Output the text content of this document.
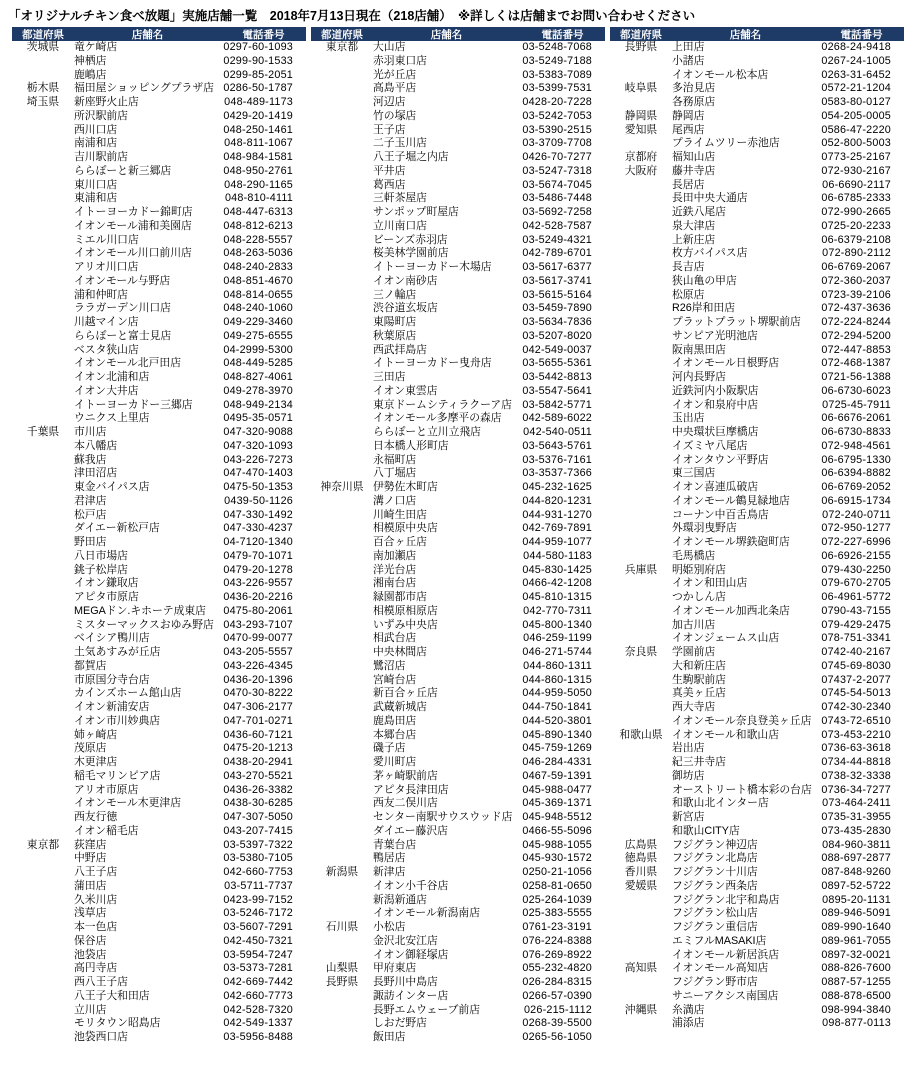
「オリジナルチキン食べ放題」実施店舗一覧　2018年7月13日現在（218店舗）　※詳しくは店舗までお問い合わせください
都道府県	店舗名	電話番号
茨城県	竜ケ崎店	0297-60-1093
神栖店	0299-90-1533
鹿嶋店	0299-85-2051
栃木県	福田屋ショッピングプラザ店 0286-50-1787
埼玉県	新座野火止店	048-489-1173
所沢駅前店	0429-20-1419
西川口店	048-250-1461
南浦和店	048-811-1067
吉川駅前店	048-984-1581
ららぽーと新三郷店	048-950-2761
東川口店	048-290-1165
東浦和店	048-810-4111
イトーヨーカドー錦町店	048-447-6313
イオンモール浦和美園店	048-812-6213
ミエル川口店	048-228-5557
イオンモール川口前川店	048-263-5036
アリオ川口店	048-240-2833
イオンモール与野店	048-851-4670
浦和仲町店	048-814-0655
ララガーデン川口店	048-240-1060
川越マイン店	049-229-3460
ららぽーと富士見店	049-275-6555
ベスタ狭山店	04-2999-5300
イオンモール北戸田店	048-449-5285
イオン北浦和店	048-827-4061
イオン大井店	049-278-3970
イトーヨーカドー三郷店	048-949-2134
ウニクス上里店	0495-35-0571
千葉県	市川店	047-320-9088
本八幡店	047-320-1093
蘇我店	043-226-7273
津田沼店	047-470-1403
東金バイパス店	0475-50-1353
君津店	0439-50-1126
松戸店	047-330-1492
ダイエー新松戸店	047-330-4237
野田店	04-7120-1340
八日市場店	0479-70-1071
銚子松岸店	0479-20-1278
イオン鎌取店	043-226-9557
アピタ市原店	0436-20-2216
MEGAドン.キホーテ成東店	0475-80-2061
ミスターマックスおゆみ野店 043-293-7107
ベイシア鴨川店	0470-99-0077
土気あすみが丘店	043-205-5557
都賀店	043-226-4345
市原国分寺台店	0436-20-1396
カインズホーム館山店	0470-30-8222
イオン新浦安店	047-306-2177
イオン市川妙典店	047-701-0271
姉ヶ崎店	0436-60-7121
茂原店	0475-20-1213
木更津店	0438-20-2941
稲毛マリンピア店	043-270-5521
アリオ市原店	0436-26-3382
イオンモール木更津店	0438-30-6285
西友行徳	047-307-5050
イオン稲毛店	043-207-7415
東京都	荻窪店	03-5397-7322
中野店	03-5380-7105
八王子店	042-660-7753
蒲田店	03-5711-7737
久米川店	0423-99-7152
浅草店	03-5246-7172
本一色店	03-5607-7291
保谷店	042-450-7321
池袋店	03-5954-7247
高円寺店	03-5373-7281
西八王子店	042-669-7442
八王子大和田店	042-660-7773
立川店	042-528-7320
モリタウン昭島店	042-549-1337
池袋西口店	03-5956-8488
都道府県	店舗名	電話番号
東京都	大山店	03-5248-7068
赤羽東口店	03-5249-7188
光が丘店	03-5383-7089
高島平店	03-5399-7531
河辺店	0428-20-7228
竹の塚店	03-5242-7053
王子店	03-5390-2515
二子玉川店	03-3709-7708
八王子堀之内店	0426-70-7277
平井店	03-5247-7318
葛西店	03-5674-7045
三軒茶屋店	03-5486-7448
サンポップ町屋店	03-5692-7258
立川南口店	042-528-7587
ビーンズ赤羽店	03-5249-4321
桜美林学園前店	042-789-6701
イトーヨーカドー木場店	03-5617-6377
イオン南砂店	03-5617-3741
三ノ輪店	03-5615-5164
渋谷道玄坂店	03-5459-7890
東陽町店	03-5634-7836
秋葉原店	03-5207-8020
西武拝島店	042-549-0037
イトーヨーカドー曳舟店	03-5655-5361
三田店	03-5442-8813
イオン東雲店	03-5547-5641
東京ドームシティラクーア店 03-5842-5771
イオンモール多摩平の森店	042-589-6022
ららぽーと立川立飛店	042-540-0511
日本橋人形町店	03-5643-5761
永福町店	03-5376-7161
八丁堀店	03-3537-7366
神奈川県 伊勢佐木町店	045-232-1625
溝ノ口店	044-820-1231
川崎生田店	044-931-1270
相模原中央店	042-769-7891
百合ヶ丘店	044-959-1077
南加瀬店	044-580-1183
洋光台店	045-830-1425
湘南台店	0466-42-1208
緑園都市店	045-810-1315
相模原相原店	042-770-7311
いずみ中央店	045-800-1340
相武台店	046-259-1199
中央林間店	046-271-5744
鷺沼店	044-860-1311
宮崎台店	044-860-1315
新百合ヶ丘店	044-959-5050
武蔵新城店	044-750-1841
鹿島田店	044-520-3801
本郷台店	045-890-1340
磯子店	045-759-1269
愛川町店	046-284-4331
茅ヶ崎駅前店	0467-59-1391
アピタ長津田店	045-988-0477
西友二俣川店	045-369-1371
センター南駅サウスウッド店 045-948-5512
ダイエー藤沢店	0466-55-5096
青葉台店	045-988-1055
鴨居店	045-930-1572
新潟県	新津店	0250-21-1056
イオン小千谷店	0258-81-0650
新潟新通店	025-264-1039
イオンモール新潟南店	025-383-5555
石川県	小松店	0761-23-3191
金沢北安江店	076-224-8388
イオン御経塚店	076-269-8922
山梨県	甲府東店	055-232-4820
長野県	長野川中島店	026-284-8315
諏訪インター店	0266-57-0390
長野エムウェーブ前店	026-215-1112
しおだ野店	0268-39-5500
飯田店	0265-56-1050
都道府県	店舗名	電話番号
長野県	上田店	0268-24-9418
小諸店	0267-24-1005
イオンモール松本店	0263-31-6452
岐阜県	多治見店	0572-21-1204
各務原店	0583-80-0127
静岡県	静岡店	054-205-0005
愛知県	尾西店	0586-47-2220
プライムツリー赤池店	052-800-5003
京都府	福知山店	0773-25-2167
大阪府	藤井寺店	072-930-2167
長居店	06-6690-2117
長田中央大通店	06-6785-2333
近鉄八尾店	072-990-2665
泉大津店	0725-20-2233
上新庄店	06-6379-2108
枚方バイパス店	072-890-2112
長吉店	06-6769-2067
狭山亀の甲店	072-360-2037
松原店	0723-39-2106
R26岸和田店	072-437-3636
プラットプラット堺駅前店	072-224-8244
サンピア光明池店	072-294-5200
阪南黒田店	072-447-8853
イオンモール日根野店	072-468-1387
河内長野店	0721-56-1388
近鉄河内小阪駅店	06-6730-6023
イオン和泉府中店	0725-45-7911
玉出店	06-6676-2061
中央環状巨摩橋店	06-6730-8833
イズミヤ八尾店	072-948-4561
イオンタウン平野店	06-6795-1330
東三国店	06-6394-8882
イオン喜連瓜破店	06-6769-2052
イオンモール鶴見緑地店	06-6915-1734
コーナン中百舌鳥店	072-240-0711
外環羽曳野店	072-950-1277
イオンモール堺鉄砲町店	072-227-6996
毛馬橋店	06-6926-2155
兵庫県	明姫別府店	079-430-2250
イオン和田山店	079-670-2705
つかしん店	06-4961-5772
イオンモール加西北条店	0790-43-7155
加古川店	079-429-2475
イオンジェームス山店	078-751-3341
奈良県	学園前店	0742-40-2167
大和新庄店	0745-69-8030
生駒駅前店	07437-2-2077
真美ヶ丘店	0745-54-5013
西大寺店	0742-30-2340
イオンモール奈良登美ヶ丘店 0743-72-6510
和歌山県 イオンモール和歌山店	073-453-2210
岩出店	0736-63-3618
紀三井寺店	0734-44-8818
御坊店	0738-32-3338
オーストリート橋本彩の台店 0736-34-7277
和歌山北インター店	073-464-2411
新宮店	0735-31-3955
和歌山CITY店	073-435-2830
広島県	フジグラン神辺店	084-960-3811
徳島県	フジグラン北島店	088-697-2877
香川県	フジグラン十川店	087-848-9260
愛媛県	フジグラン西条店	0897-52-5722
フジグラン北宇和島店	0895-20-1131
フジグラン松山店	089-946-5091
フジグラン重信店	089-990-1640
エミフルMASAKI店	089-961-7055
イオンモール新居浜店	0897-32-0021
高知県	イオンモール高知店	088-826-7600
フジグラン野市店	0887-57-1255
サニーアクシス南国店	088-878-6500
沖縄県	糸満店	098-994-3840
浦添店	098-877-0113
